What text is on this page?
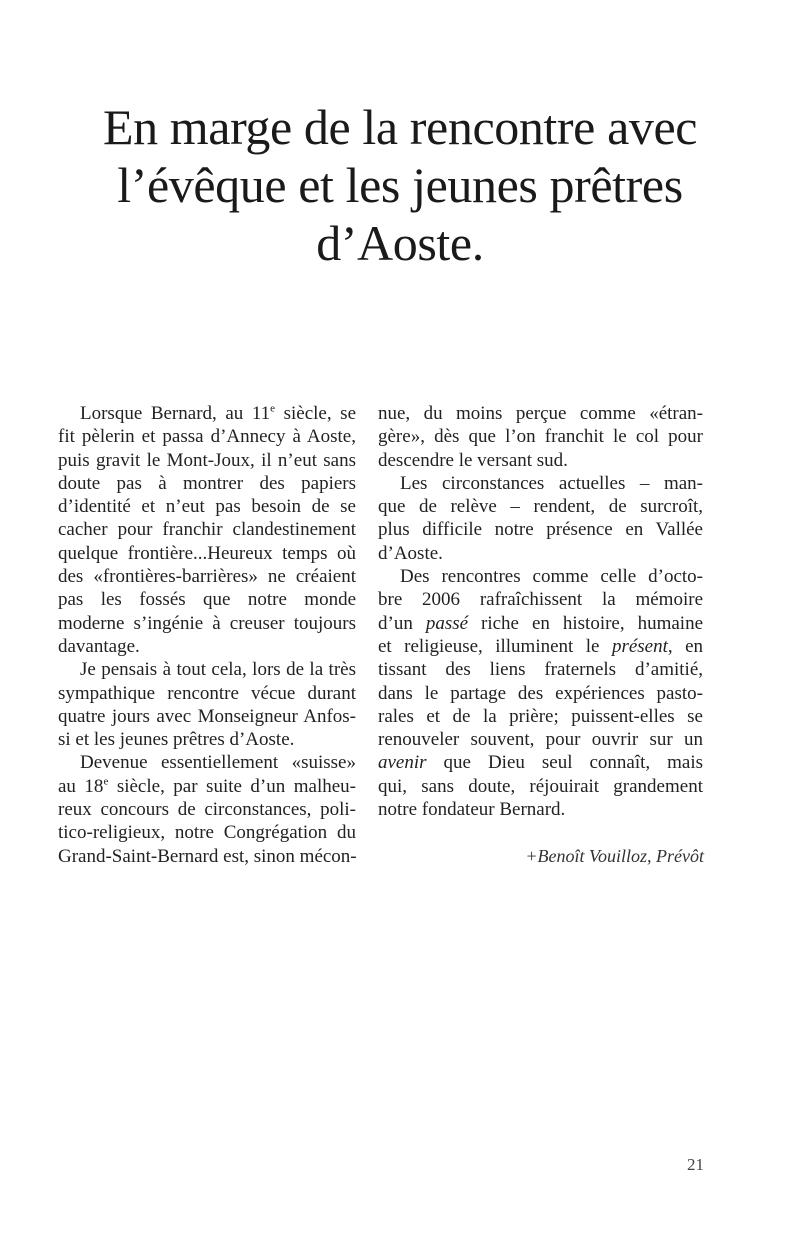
En marge de la rencontre avec
l’évêque et les jeunes prêtres
d’Aoste.
Lorsque Bernard, au 11e siècle, se
fit pèlerin et passa d’Annecy à Aoste,
puis gravit le Mont-Joux, il n’eut sans
doute pas à montrer des papiers
d’identité et n’eut pas besoin de se
cacher pour franchir clandestinement
quelque frontière...Heureux temps où
des «frontières-barrières» ne créaient
pas les fossés que notre monde
moderne s’ingénie à creuser toujours
davantage.
Je pensais à tout cela, lors de la très
sympathique rencontre vécue durant
quatre jours avec Monseigneur Anfos-
si et les jeunes prêtres d’Aoste.
Devenue essentiellement «suisse»
au 18e siècle, par suite d’un malheu-
reux concours de circonstances, poli-
tico-religieux, notre Congrégation du
Grand-Saint-Bernard est, sinon mécon-
nue, du moins perçue comme «étran-
gère», dès que l’on franchit le col pour
descendre le versant sud.
Les circonstances actuelles – man-
que de relève – rendent, de surcroît,
plus difficile notre présence en Vallée
d’Aoste.
Des rencontres comme celle d’octo-
bre 2006 rafraîchissent la mémoire
d’un passé riche en histoire, humaine
et religieuse, illuminent le présent, en
tissant des liens fraternels d’amitié,
dans le partage des expériences pasto-
rales et de la prière; puissent-elles se
renouveler souvent, pour ouvrir sur un
avenir que Dieu seul connaît, mais
qui, sans doute, réjouirait grandement
notre fondateur Bernard.
+Benoît Vouilloz, Prévôt
21
